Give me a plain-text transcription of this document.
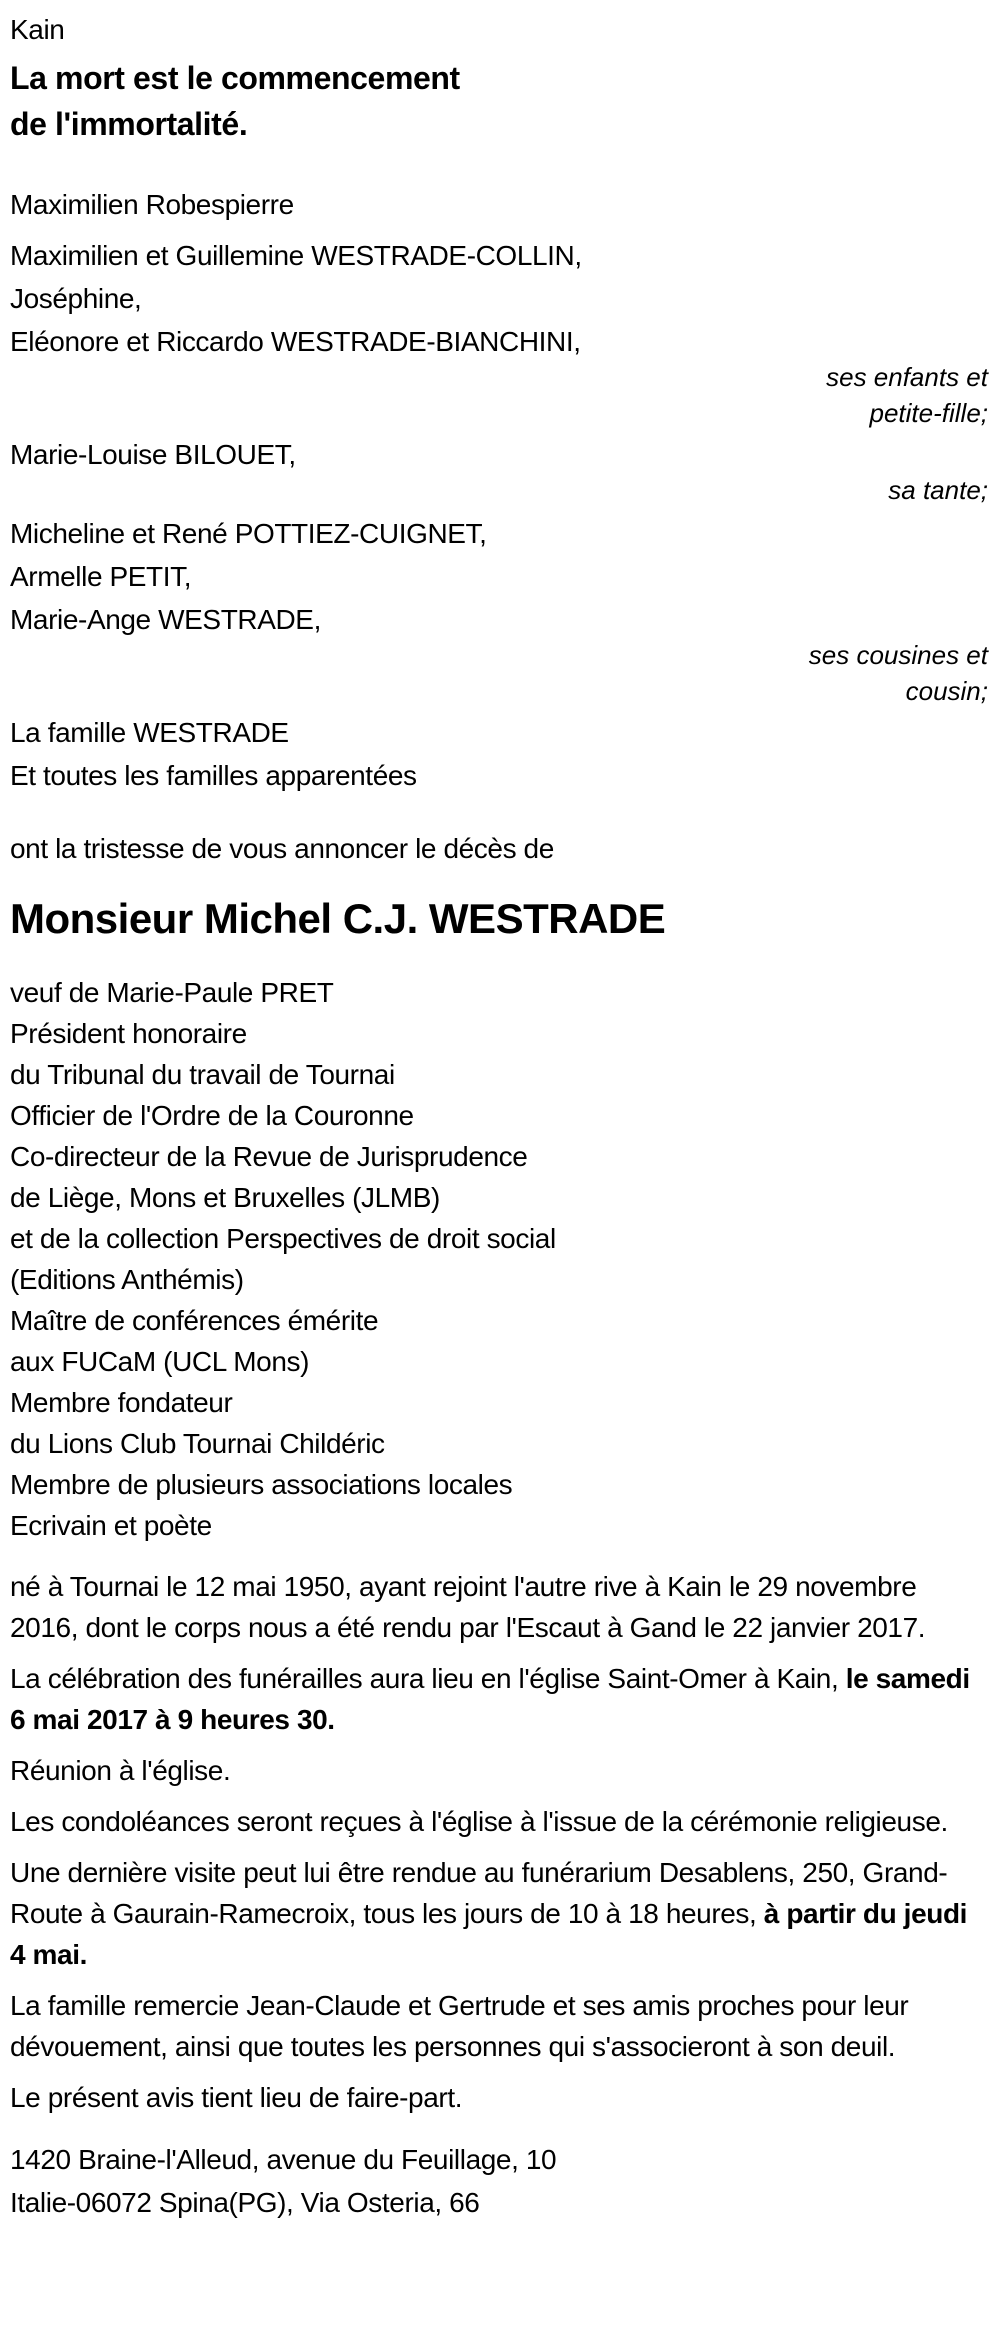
Kain
La mort est le commencement
de l'immortalité.
Maximilien Robespierre
Maximilien et Guillemine WESTRADE-COLLIN,
Joséphine,
Eléonore et Riccardo WESTRADE-BIANCHINI,
ses enfants et
petite-fille;
Marie-Louise BILOUET,
sa tante;
Micheline et René POTTIEZ-CUIGNET,
Armelle PETIT,
Marie-Ange WESTRADE,
ses cousines et
cousin;
La famille WESTRADE
Et toutes les familles apparentées
ont la tristesse de vous annoncer le décès de
Monsieur Michel C.J. WESTRADE
veuf de Marie-Paule PRET
Président honoraire
du Tribunal du travail de Tournai
Officier de l'Ordre de la Couronne
Co-directeur de la Revue de Jurisprudence
de Liège, Mons et Bruxelles (JLMB)
et de la collection Perspectives de droit social
(Editions Anthémis)
Maître de conférences émérite
aux FUCaM (UCL Mons)
Membre fondateur
du Lions Club Tournai Childéric
Membre de plusieurs associations locales
Ecrivain et poète

né à Tournai le 12 mai 1950, ayant rejoint l'autre rive à Kain le 29 novembre 2016, dont le corps nous a été rendu par l'Escaut à Gand le 22 janvier 2017.

La célébration des funérailles aura lieu en l'église Saint-Omer à Kain, le samedi 6 mai 2017 à 9 heures 30.

Réunion à l'église.

Les condoléances seront reçues à l'église à l'issue de la cérémonie religieuse.

Une dernière visite peut lui être rendue au funérarium Desablens, 250, Grand-Route à Gaurain-Ramecroix, tous les jours de 10 à 18 heures, à partir du jeudi 4 mai.

La famille remercie Jean-Claude et Gertrude et ses amis proches pour leur dévouement, ainsi que toutes les personnes qui s'associeront à son deuil.

Le présent avis tient lieu de faire-part.

1420 Braine-l'Alleud, avenue du Feuillage, 10
Italie-06072 Spina(PG), Via Osteria, 66
